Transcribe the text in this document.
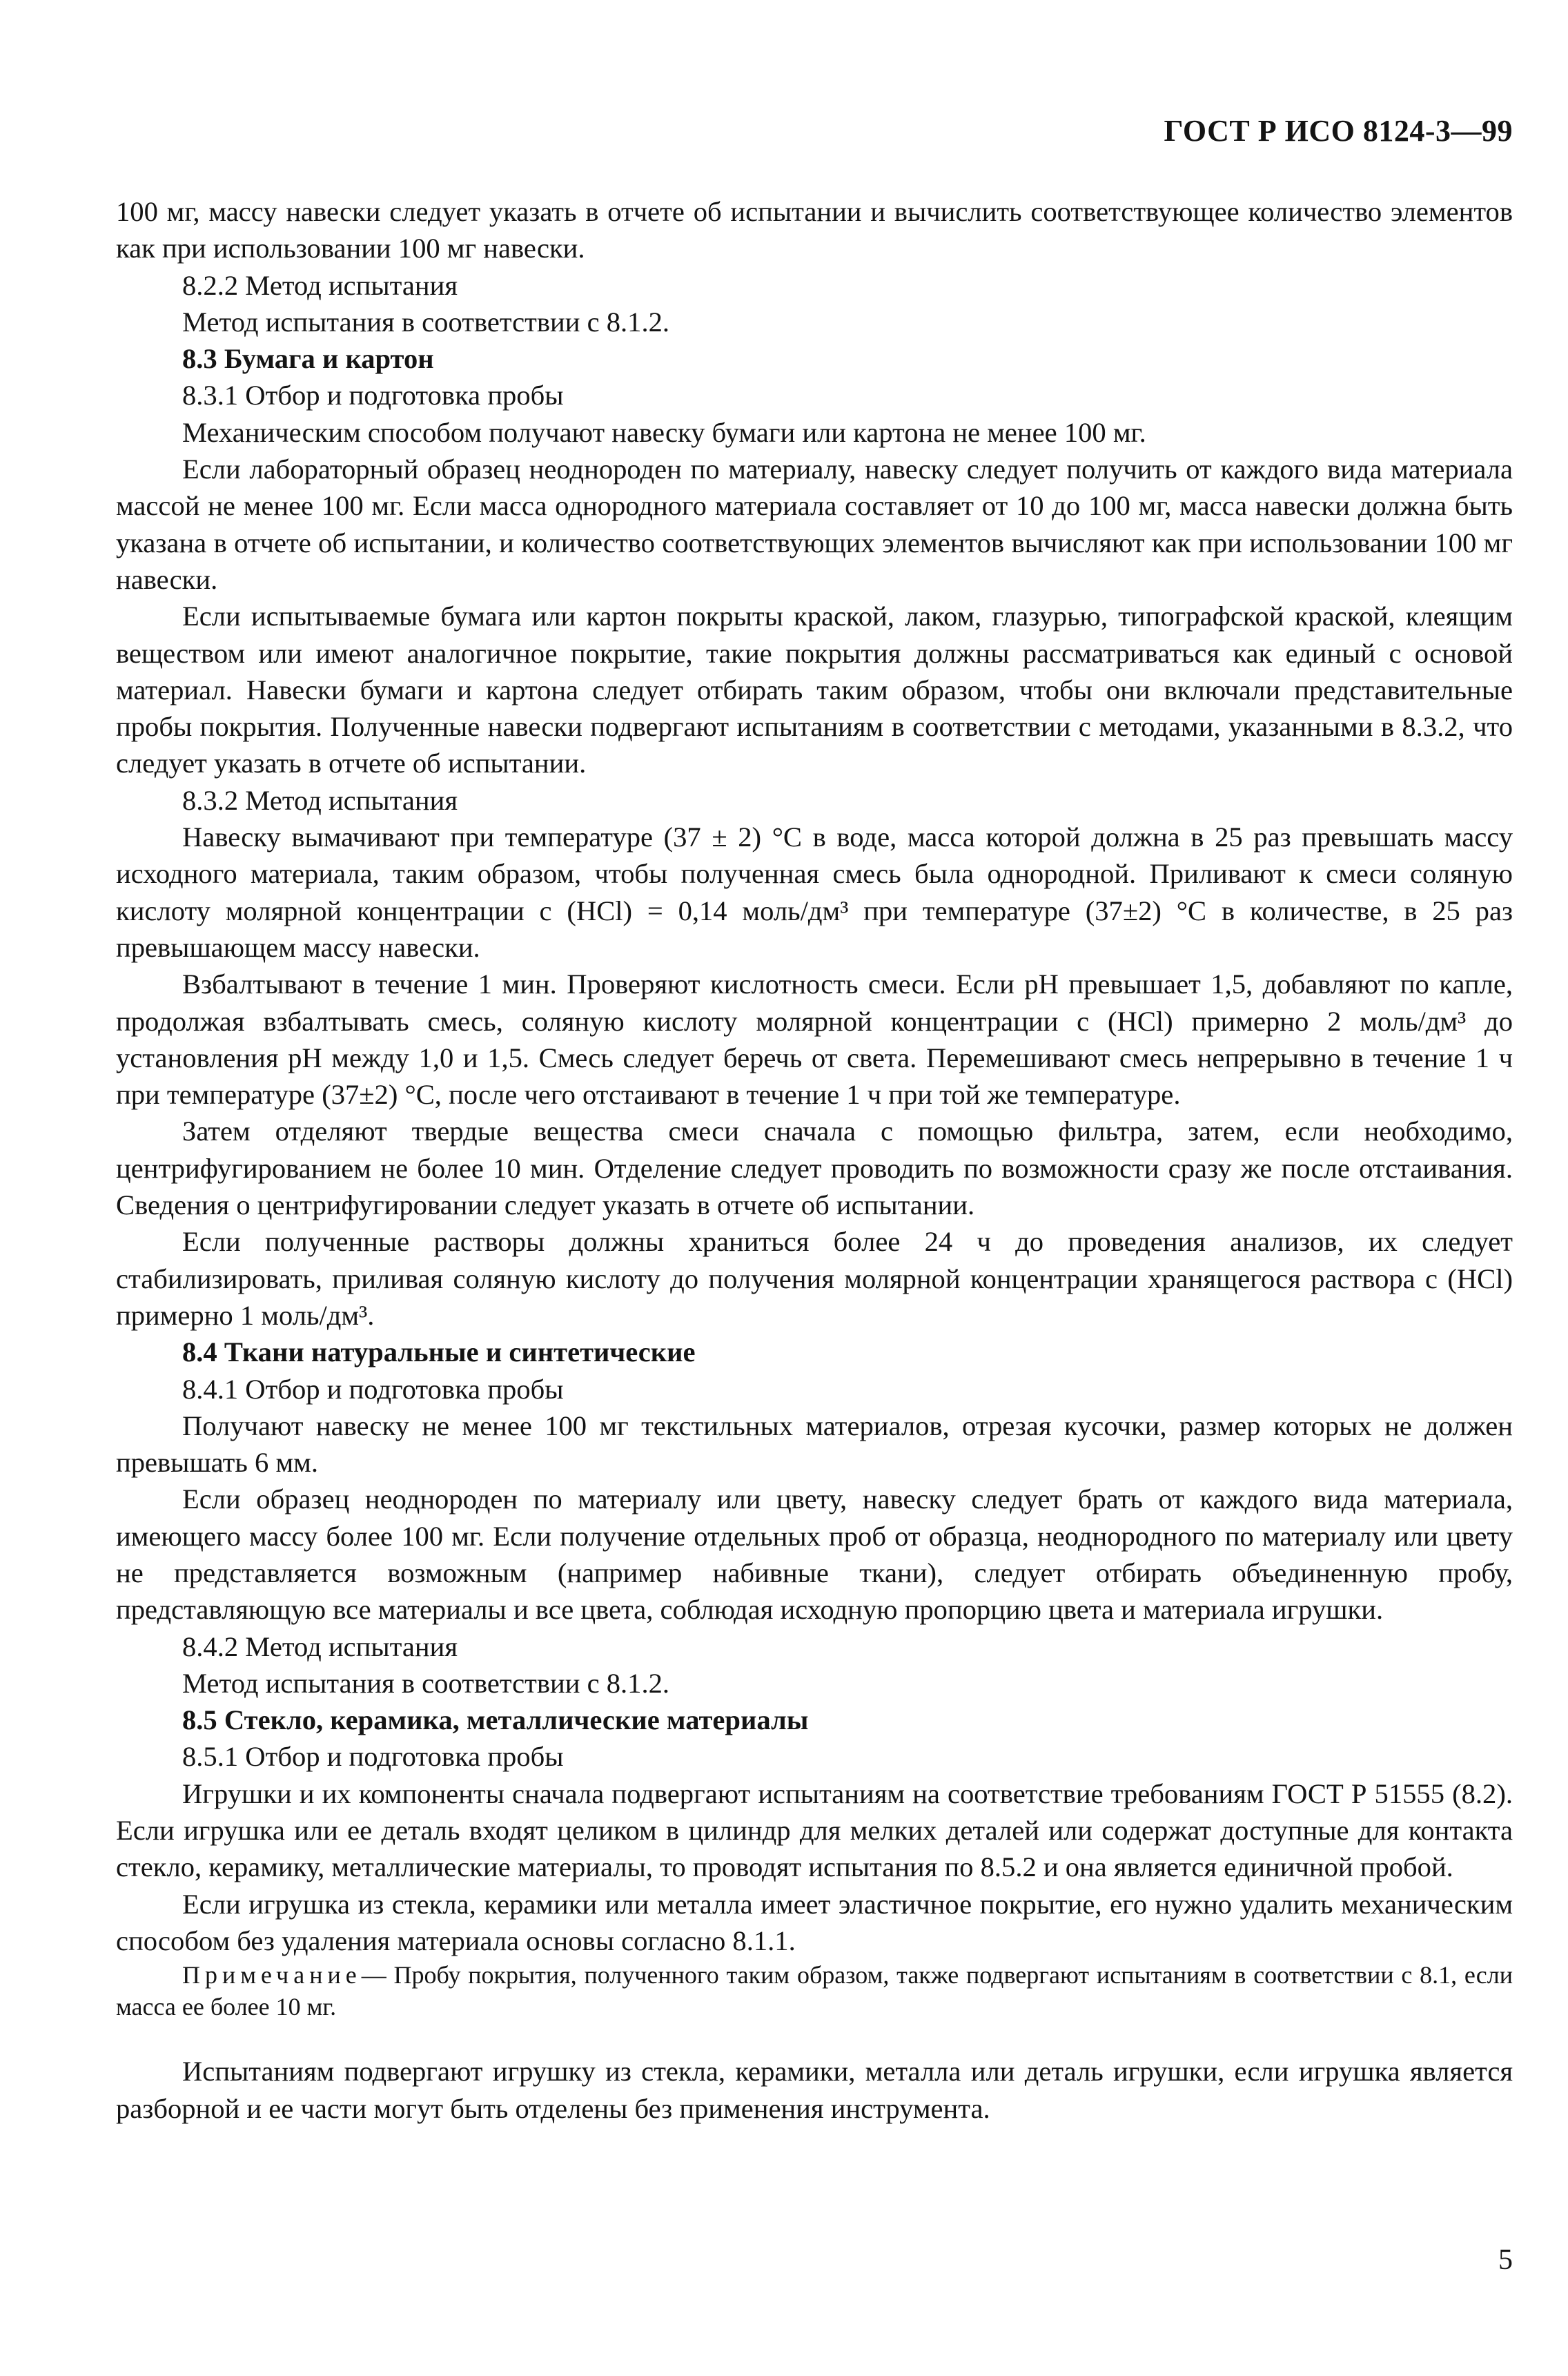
ГОСТ Р ИСО 8124-3—99

100 мг, массу навески следует указать в отчете об испытании и вычислить соответствующее количество элементов как при использовании 100 мг навески.

8.2.2 Метод испытания

Метод испытания в соответствии с 8.1.2.

8.3 Бумага и картон

8.3.1 Отбор и подготовка пробы

Механическим способом получают навеску бумаги или картона не менее 100 мг.

Если лабораторный образец неоднороден по материалу, навеску следует получить от каждого вида материала массой не менее 100 мг. Если масса однородного материала составляет от 10 до 100 мг, масса навески должна быть указана в отчете об испытании, и количество соответствующих элементов вычисляют как при использовании 100 мг навески.

Если испытываемые бумага или картон покрыты краской, лаком, глазурью, типографской краской, клеящим веществом или имеют аналогичное покрытие, такие покрытия должны рассматриваться как единый с основой материал. Навески бумаги и картона следует отбирать таким образом, чтобы они включали представительные пробы покрытия. Полученные навески подвергают испытаниям в соответствии с методами, указанными в 8.3.2, что следует указать в отчете об испытании.

8.3.2 Метод испытания

Навеску вымачивают при температуре (37 ± 2) °С в воде, масса которой должна в 25 раз превышать массу исходного материала, таким образом, чтобы полученная смесь была однородной. Приливают к смеси соляную кислоту молярной концентрации c (HCl) = 0,14 моль/дм³ при температуре (37±2) °С в количестве, в 25 раз превышающем массу навески.

Взбалтывают в течение 1 мин. Проверяют кислотность смеси. Если pH превышает 1,5, добавляют по капле, продолжая взбалтывать смесь, соляную кислоту молярной концентрации c (HCl) примерно 2 моль/дм³ до установления pH между 1,0 и 1,5. Смесь следует беречь от света. Перемешивают смесь непрерывно в течение 1 ч при температуре (37±2) °С, после чего отстаивают в течение 1 ч при той же температуре.

Затем отделяют твердые вещества смеси сначала с помощью фильтра, затем, если необходимо, центрифугированием не более 10 мин. Отделение следует проводить по возможности сразу же после отстаивания. Сведения о центрифугировании следует указать в отчете об испытании.

Если полученные растворы должны храниться более 24 ч до проведения анализов, их следует стабилизировать, приливая соляную кислоту до получения молярной концентрации хранящегося раствора c (HCl) примерно 1 моль/дм³.

8.4 Ткани натуральные и синтетические

8.4.1 Отбор и подготовка пробы

Получают навеску не менее 100 мг текстильных материалов, отрезая кусочки, размер которых не должен превышать 6 мм.

Если образец неоднороден по материалу или цвету, навеску следует брать от каждого вида материала, имеющего массу более 100 мг. Если получение отдельных проб от образца, неоднородного по материалу или цвету не представляется возможным (например набивные ткани), следует отбирать объединенную пробу, представляющую все материалы и все цвета, соблюдая исходную пропорцию цвета и материала игрушки.

8.4.2 Метод испытания

Метод испытания в соответствии с 8.1.2.

8.5 Стекло, керамика, металлические материалы

8.5.1 Отбор и подготовка пробы

Игрушки и их компоненты сначала подвергают испытаниям на соответствие требованиям ГОСТ Р 51555 (8.2). Если игрушка или ее деталь входят целиком в цилиндр для мелких деталей или содержат доступные для контакта стекло, керамику, металлические материалы, то проводят испытания по 8.5.2 и она является единичной пробой.

Если игрушка из стекла, керамики или металла имеет эластичное покрытие, его нужно удалить механическим способом без удаления материала основы согласно 8.1.1.

Примечание— Пробу покрытия, полученного таким образом, также подвергают испытаниям в соответствии с 8.1, если масса ее более 10 мг.

Испытаниям подвергают игрушку из стекла, керамики, металла или деталь игрушки, если игрушка является разборной и ее части могут быть отделены без применения инструмента.

5
